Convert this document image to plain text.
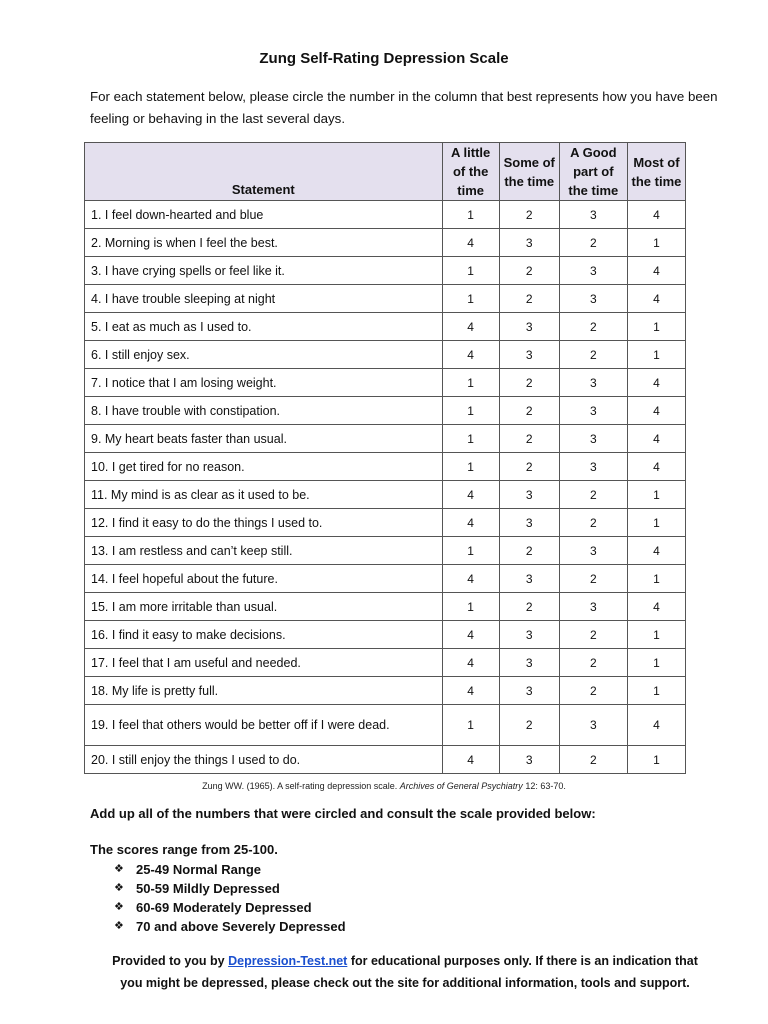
Zung Self-Rating Depression Scale
For each statement below, please circle the number in the column that best represents how you have been feeling or behaving in the last several days.
Statement	A little of the time	Some of the time	A Good part of the time	Most of the time
1. I feel down-hearted and blue	1	2	3	4
2. Morning is when I feel the best.	4	3	2	1
3. I have crying spells or feel like it.	1	2	3	4
4. I have trouble sleeping at night	1	2	3	4
5. I eat as much as I used to.	4	3	2	1
6. I still enjoy sex.	4	3	2	1
7. I notice that I am losing weight.	1	2	3	4
8. I have trouble with constipation.	1	2	3	4
9. My heart beats faster than usual.	1	2	3	4
10. I get tired for no reason.	1	2	3	4
11. My mind is as clear as it used to be.	4	3	2	1
12. I find it easy to do the things I used to.	4	3	2	1
13. I am restless and can’t keep still.	1	2	3	4
14. I feel hopeful about the future.	4	3	2	1
15. I am more irritable than usual.	1	2	3	4
16. I find it easy to make decisions.	4	3	2	1
17. I feel that I am useful and needed.	4	3	2	1
18. My life is pretty full.	4	3	2	1
19. I feel that others would be better off if I were dead.	1	2	3	4
20. I still enjoy the things I used to do.	4	3	2	1
Zung WW. (1965). A self-rating depression scale. Archives of General Psychiatry 12: 63-70.
Add up all of the numbers that were circled and consult the scale provided below:
The scores range from 25-100.
❖ 25-49 Normal Range
❖ 50-59 Mildly Depressed
❖ 60-69 Moderately Depressed
❖ 70 and above Severely Depressed
Provided to you by Depression-Test.net for educational purposes only. If there is an indication that you might be depressed, please check out the site for additional information, tools and support.
